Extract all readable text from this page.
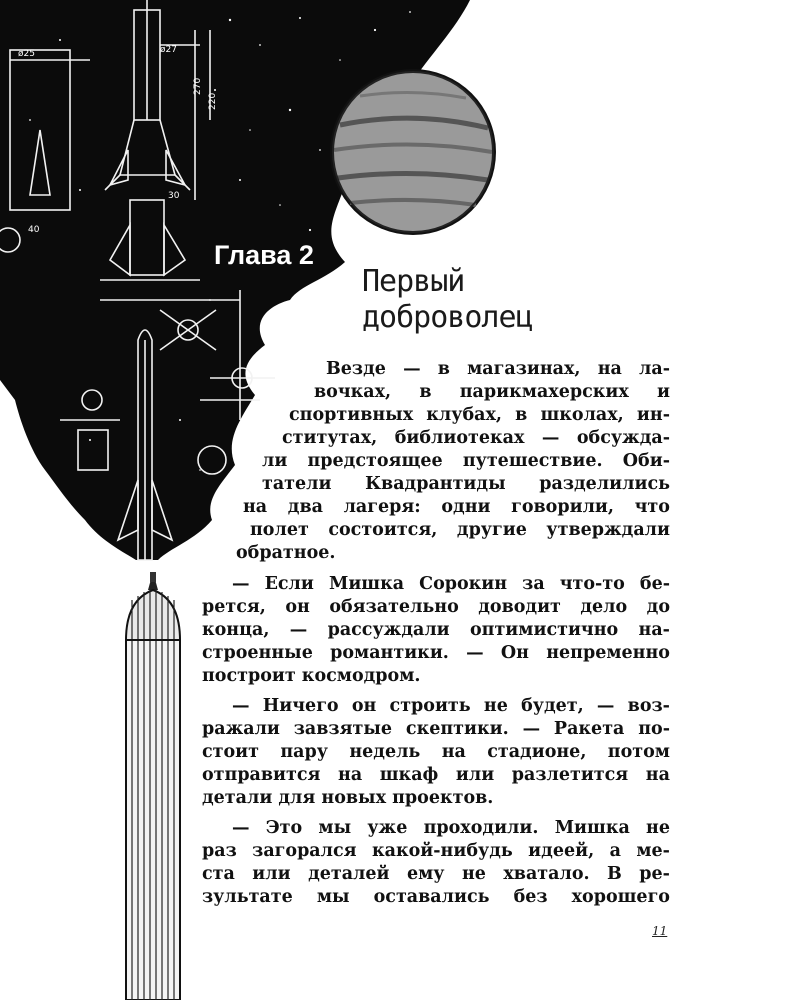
ø25	ø27
270
220
30
40
Глава 2
Первый
доброволец
Везде — в магазинах, на ла-
вочках, в парикмахерских и
спортивных клубах, в школах, ин-
ститутах, библиотеках — обсужда-
ли предстоящее путешествие. Оби-
татели Квадрантиды разделились
на два лагеря: одни говорили, что
полет состоится, другие утверждали
обратное.
— Если Мишка Сорокин за что-то бе-
рется, он обязательно доводит дело до
конца, — рассуждали оптимистично на-
строенные романтики. — Он непременно
построит космодром.
— Ничего он строить не будет, — воз-
ражали завзятые скептики. — Ракета по-
стоит пару недель на стадионе, потом
отправится на шкаф или разлетится на
детали для новых проектов.
— Это мы уже проходили. Мишка не
раз загорался какой-нибудь идеей, а ме-
ста или деталей ему не хватало. В ре-
зультате мы оставались без хорошего
11
